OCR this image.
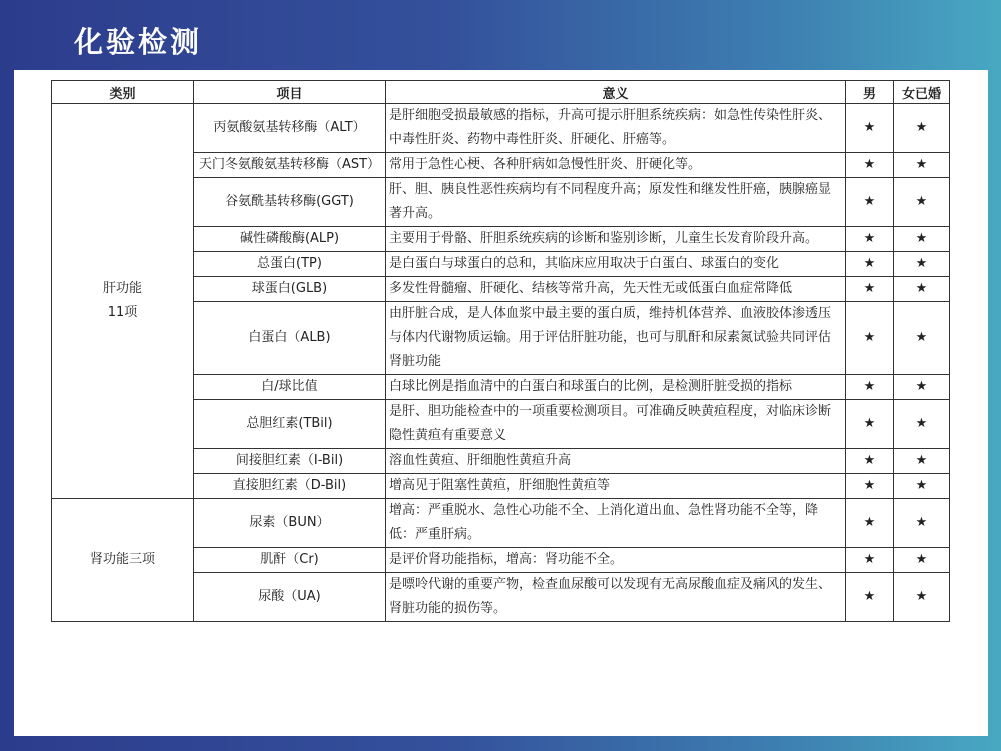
化验检测
类别	项目	意义	男	女已婚

肝功能
11项	丙氨酸氨基转移酶（ALT）	是肝细胞受损最敏感的指标，升高可提示肝胆系统疾病：如急性传染性肝炎、中毒性肝炎、药物中毒性肝炎、肝硬化、肝癌等。	★	★
	天门冬氨酸氨基转移酶（AST）	常用于急性心梗、各种肝病如急慢性肝炎、肝硬化等。	★	★
	谷氨酰基转移酶(GGT)	肝、胆、胰良性恶性疾病均有不同程度升高；原发性和继发性肝癌，胰腺癌显著升高。	★	★
	碱性磷酸酶(ALP)	主要用于骨骼、肝胆系统疾病的诊断和鉴别诊断，儿童生长发育阶段升高。	★	★
	总蛋白(TP)	是白蛋白与球蛋白的总和，其临床应用取决于白蛋白、球蛋白的变化	★	★
	球蛋白(GLB)	多发性骨髓瘤、肝硬化、结核等常升高，先天性无或低蛋白血症常降低	★	★
	白蛋白（ALB)	由肝脏合成，是人体血浆中最主要的蛋白质，维持机体营养、血液胶体渗透压与体内代谢物质运输。用于评估肝脏功能，也可与肌酐和尿素氮试验共同评估肾脏功能	★	★
	白/球比值	白球比例是指血清中的白蛋白和球蛋白的比例，是检测肝脏受损的指标	★	★
	总胆红素(TBil)	是肝、胆功能检查中的一项重要检测项目。可准确反映黄疸程度，对临床诊断隐性黄疸有重要意义	★	★
	间接胆红素（I-Bil)	溶血性黄疸、肝细胞性黄疸升高	★	★
	直接胆红素（D-Bil)	增高见于阻塞性黄疸，肝细胞性黄疸等	★	★

肾功能三项	尿素（BUN）	增高：严重脱水、急性心功能不全、上消化道出血、急性肾功能不全等，降低：严重肝病。	★	★
	肌酐（Cr)	是评价肾功能指标，增高：肾功能不全。	★	★
	尿酸（UA)	是嘌呤代谢的重要产物，检查血尿酸可以发现有无高尿酸血症及痛风的发生、肾脏功能的损伤等。	★	★
